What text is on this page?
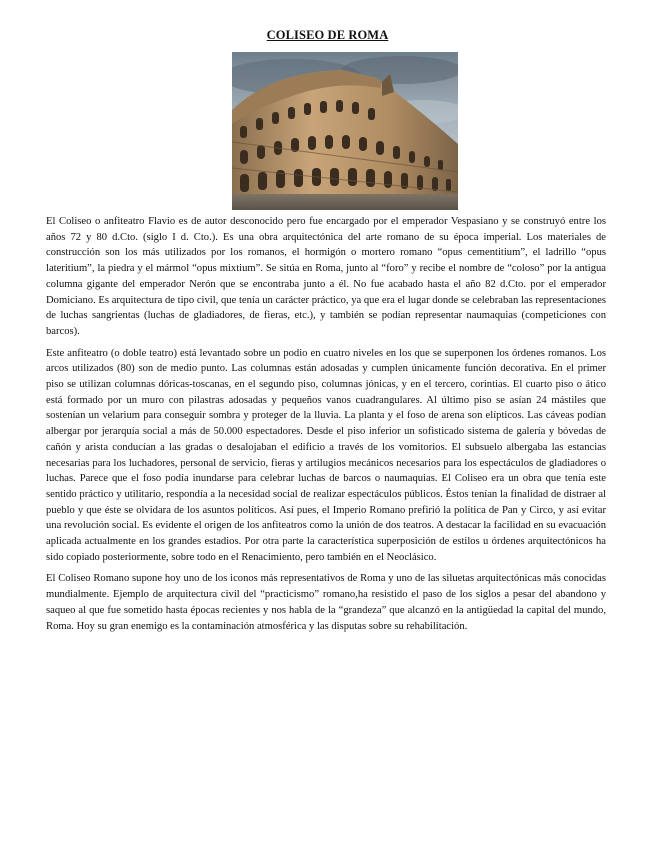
COLISEO DE ROMA

El Coliseo o anfiteatro Flavio es de autor desconocido pero fue encargado por el emperador Vespasiano y se construyó entre los años 72 y 80 d.Cto. (siglo I d. Cto.). Es una obra arquitectónica del arte romano de su época imperial. Los materiales de construcción son los más utilizados por los romanos, el hormigón o mortero romano “opus cementitium”, el ladrillo “opus lateritium”, la piedra y el mármol “opus mixtium”. Se sitúa en Roma, junto al “foro” y recibe el nombre de “coloso” por la antigua columna gigante del emperador Nerón que se encontraba junto a él. No fue acabado hasta el año 82 d.Cto. por el emperador Domiciano. Es arquitectura de tipo civil, que tenía un carácter práctico, ya que era el lugar donde se celebraban las representaciones de luchas sangrientas (luchas de gladiadores, de fieras, etc.), y también se podían representar naumaquias (competiciones con barcos).

Este anfiteatro (o doble teatro) está levantado sobre un podio en cuatro niveles en los que se superponen los órdenes romanos. Los arcos utilizados (80) son de medio punto. Las columnas están adosadas y cumplen únicamente función decorativa. En el primer piso se utilizan columnas dóricas-toscanas, en el segundo piso, columnas jónicas, y en el tercero, corintias. El cuarto piso o ático está formado por un muro con pilastras adosadas y pequeños vanos cuadrangulares. Al último piso se asían 24 mástiles que sostenían un velarium para conseguir sombra y proteger de la lluvia. La planta y el foso de arena son elípticos. Las cáveas podían albergar por jerarquía social a más de 50.000 espectadores. Desde el piso inferior un sofisticado sistema de galería y bóvedas de cañón y arista conducían a las gradas o desalojaban el edificio a través de los vomitorios. El subsuelo albergaba las estancias necesarias para los luchadores, personal de servicio, fieras y artilugios mecánicos necesarios para los espectáculos de gladiadores o luchas. Parece que el foso podía inundarse para celebrar luchas de barcos o naumaquias. El Coliseo era un obra que tenía este sentido práctico y utilitario, respondía a la necesidad social de realizar espectáculos públicos. Éstos tenían la finalidad de distraer al pueblo y que éste se olvidara de los asuntos políticos. Así pues, el Imperio Romano prefirió la política de Pan y Circo, y así evitar una revolución social. Es evidente el origen de los anfiteatros como la unión de dos teatros. A destacar la facilidad en su evacuación aplicada actualmente en los grandes estadios. Por otra parte la característica superposición de estilos u órdenes arquitectónicos ha sido copiado posteriormente, sobre todo en el Renacimiento, pero también en el Neoclásico.

El Coliseo Romano supone hoy uno de los iconos más representativos de Roma y uno de las siluetas arquitectónicas más conocidas mundialmente. Ejemplo de arquitectura civil del “practicismo” romano,ha resistido el paso de los siglos a pesar del abandono y saqueo al que fue sometido hasta épocas recientes y nos habla de la “grandeza” que alcanzó en la antigüedad la capital del mundo, Roma. Hoy su gran enemigo es la contaminación atmosférica y las disputas sobre su rehabilitación.
